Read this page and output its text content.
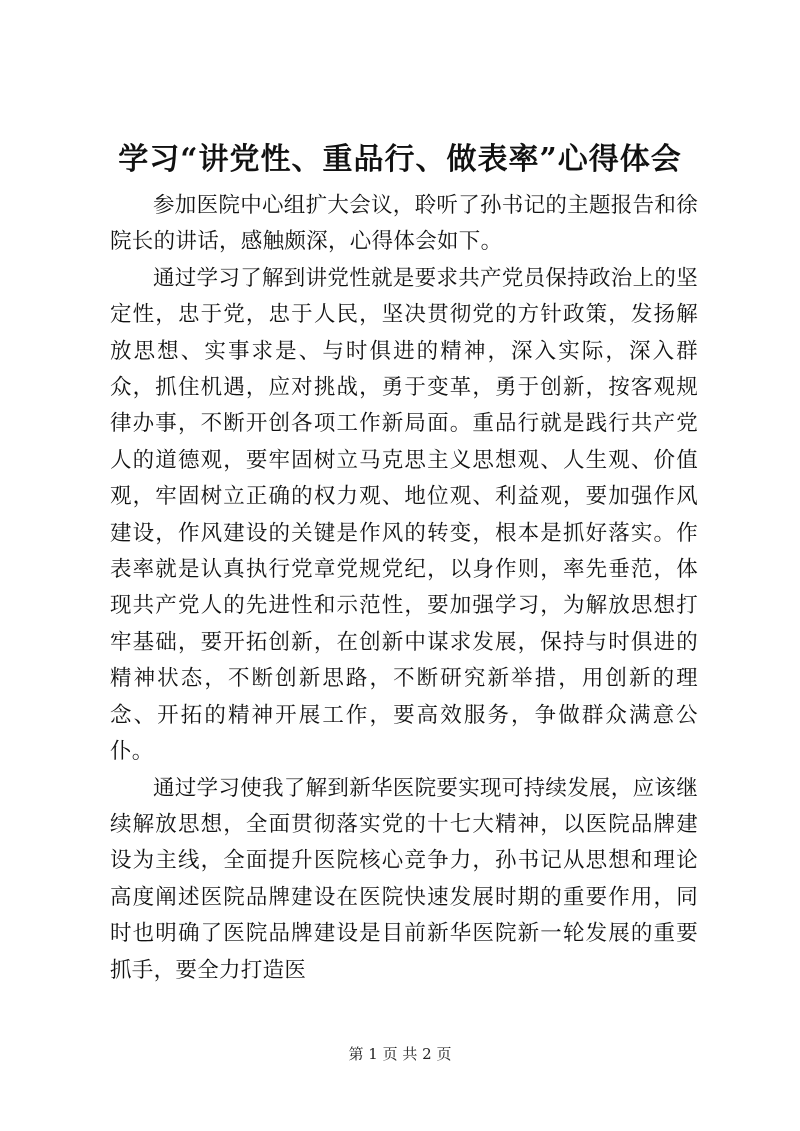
学习“讲党性、重品行、做表率”心得体会

参加医院中心组扩大会议，聆听了孙书记的主题报告和徐院长的讲话，感触颇深，心得体会如下。

通过学习了解到讲党性就是要求共产党员保持政治上的坚定性，忠于党，忠于人民，坚决贯彻党的方针政策，发扬解放思想、实事求是、与时俱进的精神，深入实际，深入群众，抓住机遇，应对挑战，勇于变革，勇于创新，按客观规律办事，不断开创各项工作新局面。重品行就是践行共产党人的道德观，要牢固树立马克思主义思想观、人生观、价值观，牢固树立正确的权力观、地位观、利益观，要加强作风建设，作风建设的关键是作风的转变，根本是抓好落实。作表率就是认真执行党章党规党纪，以身作则，率先垂范，体现共产党人的先进性和示范性，要加强学习，为解放思想打牢基础，要开拓创新，在创新中谋求发展，保持与时俱进的精神状态，不断创新思路，不断研究新举措，用创新的理念、开拓的精神开展工作，要高效服务，争做群众满意公仆。

通过学习使我了解到新华医院要实现可持续发展，应该继续解放思想，全面贯彻落实党的十七大精神，以医院品牌建设为主线，全面提升医院核心竞争力，孙书记从思想和理论高度阐述医院品牌建设在医院快速发展时期的重要作用，同时也明确了医院品牌建设是目前新华医院新一轮发展的重要抓手，要全力打造医

第 1 页 共 2 页
